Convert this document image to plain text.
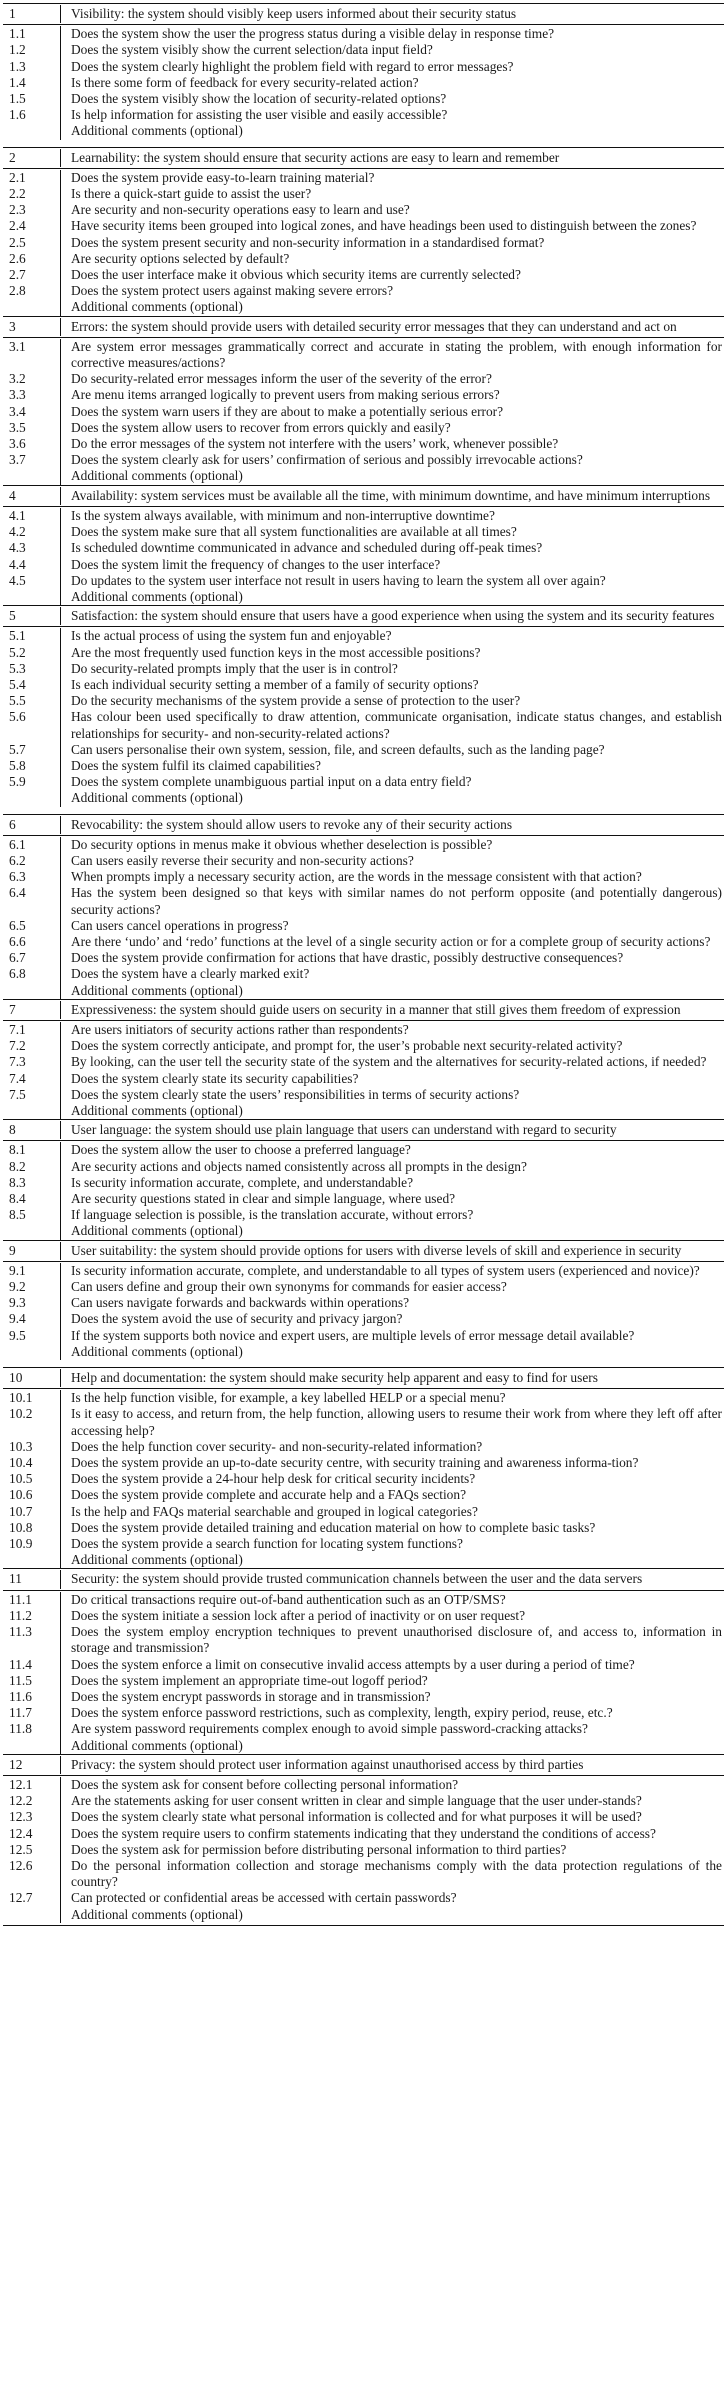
1	Visibility: the system should visibly keep users informed about their security status
1.1	Does the system show the user the progress status during a visible delay in response time?
1.2	Does the system visibly show the current selection/data input field?
1.3	Does the system clearly highlight the problem field with regard to error messages?
1.4	Is there some form of feedback for every security-related action?
1.5	Does the system visibly show the location of security-related options?
1.6	Is help information for assisting the user visible and easily accessible?
Additional comments (optional)
2	Learnability: the system should ensure that security actions are easy to learn and remember
2.1	Does the system provide easy-to-learn training material?
2.2	Is there a quick-start guide to assist the user?
2.3	Are security and non-security operations easy to learn and use?
2.4	Have security items been grouped into logical zones, and have headings been used to distinguish between the zones?
2.5	Does the system present security and non-security information in a standardised format?
2.6	Are security options selected by default?
2.7	Does the user interface make it obvious which security items are currently selected?
2.8	Does the system protect users against making severe errors?
Additional comments (optional)
3	Errors: the system should provide users with detailed security error messages that they can understand and act on
3.1	Are system error messages grammatically correct and accurate in stating the problem, with enough information for corrective measures/actions?
3.2	Do security-related error messages inform the user of the severity of the error?
3.3	Are menu items arranged logically to prevent users from making serious errors?
3.4	Does the system warn users if they are about to make a potentially serious error?
3.5	Does the system allow users to recover from errors quickly and easily?
3.6	Do the error messages of the system not interfere with the users’ work, whenever possible?
3.7	Does the system clearly ask for users’ confirmation of serious and possibly irrevocable actions?
Additional comments (optional)
4	Availability: system services must be available all the time, with minimum downtime, and have minimum interruptions
4.1	Is the system always available, with minimum and non-interruptive downtime?
4.2	Does the system make sure that all system functionalities are available at all times?
4.3	Is scheduled downtime communicated in advance and scheduled during off-peak times?
4.4	Does the system limit the frequency of changes to the user interface?
4.5	Do updates to the system user interface not result in users having to learn the system all over again?
Additional comments (optional)
5	Satisfaction: the system should ensure that users have a good experience when using the system and its security features
5.1	Is the actual process of using the system fun and enjoyable?
5.2	Are the most frequently used function keys in the most accessible positions?
5.3	Do security-related prompts imply that the user is in control?
5.4	Is each individual security setting a member of a family of security options?
5.5	Do the security mechanisms of the system provide a sense of protection to the user?
5.6	Has colour been used specifically to draw attention, communicate organisation, indicate status changes, and establish relationships for security- and non-security-related actions?
5.7	Can users personalise their own system, session, file, and screen defaults, such as the landing page?
5.8	Does the system fulfil its claimed capabilities?
5.9	Does the system complete unambiguous partial input on a data entry field?
Additional comments (optional)
6	Revocability: the system should allow users to revoke any of their security actions
6.1	Do security options in menus make it obvious whether deselection is possible?
6.2	Can users easily reverse their security and non-security actions?
6.3	When prompts imply a necessary security action, are the words in the message consistent with that action?
6.4	Has the system been designed so that keys with similar names do not perform opposite (and potentially dangerous) security actions?
6.5	Can users cancel operations in progress?
6.6	Are there ‘undo’ and ‘redo’ functions at the level of a single security action or for a complete group of security actions?
6.7	Does the system provide confirmation for actions that have drastic, possibly destructive consequences?
6.8	Does the system have a clearly marked exit?
Additional comments (optional)
7	Expressiveness: the system should guide users on security in a manner that still gives them freedom of expression
7.1	Are users initiators of security actions rather than respondents?
7.2	Does the system correctly anticipate, and prompt for, the user’s probable next security-related activity?
7.3	By looking, can the user tell the security state of the system and the alternatives for security-related actions, if needed?
7.4	Does the system clearly state its security capabilities?
7.5	Does the system clearly state the users’ responsibilities in terms of security actions?
Additional comments (optional)
8	User language: the system should use plain language that users can understand with regard to security
8.1	Does the system allow the user to choose a preferred language?
8.2	Are security actions and objects named consistently across all prompts in the design?
8.3	Is security information accurate, complete, and understandable?
8.4	Are security questions stated in clear and simple language, where used?
8.5	If language selection is possible, is the translation accurate, without errors?
Additional comments (optional)
9	User suitability: the system should provide options for users with diverse levels of skill and experience in security
9.1	Is security information accurate, complete, and understandable to all types of system users (experienced and novice)?
9.2	Can users define and group their own synonyms for commands for easier access?
9.3	Can users navigate forwards and backwards within operations?
9.4	Does the system avoid the use of security and privacy jargon?
9.5	If the system supports both novice and expert users, are multiple levels of error message detail available?
Additional comments (optional)
10	Help and documentation: the system should make security help apparent and easy to find for users
10.1	Is the help function visible, for example, a key labelled HELP or a special menu?
10.2	Is it easy to access, and return from, the help function, allowing users to resume their work from where they left off after accessing help?
10.3	Does the help function cover security- and non-security-related information?
10.4	Does the system provide an up-to-date security centre, with security training and awareness informa-tion?
10.5	Does the system provide a 24-hour help desk for critical security incidents?
10.6	Does the system provide complete and accurate help and a FAQs section?
10.7	Is the help and FAQs material searchable and grouped in logical categories?
10.8	Does the system provide detailed training and education material on how to complete basic tasks?
10.9	Does the system provide a search function for locating system functions?
Additional comments (optional)
11	Security: the system should provide trusted communication channels between the user and the data servers
11.1	Do critical transactions require out-of-band authentication such as an OTP/SMS?
11.2	Does the system initiate a session lock after a period of inactivity or on user request?
11.3	Does the system employ encryption techniques to prevent unauthorised disclosure of, and access to, information in storage and transmission?
11.4	Does the system enforce a limit on consecutive invalid access attempts by a user during a period of time?
11.5	Does the system implement an appropriate time-out logoff period?
11.6	Does the system encrypt passwords in storage and in transmission?
11.7	Does the system enforce password restrictions, such as complexity, length, expiry period, reuse, etc.?
11.8	Are system password requirements complex enough to avoid simple password-cracking attacks?
Additional comments (optional)
12	Privacy: the system should protect user information against unauthorised access by third parties
12.1	Does the system ask for consent before collecting personal information?
12.2	Are the statements asking for user consent written in clear and simple language that the user under-stands?
12.3	Does the system clearly state what personal information is collected and for what purposes it will be used?
12.4	Does the system require users to confirm statements indicating that they understand the conditions of access?
12.5	Does the system ask for permission before distributing personal information to third parties?
12.6	Do the personal information collection and storage mechanisms comply with the data protection regulations of the country?
12.7	Can protected or confidential areas be accessed with certain passwords?
Additional comments (optional)
